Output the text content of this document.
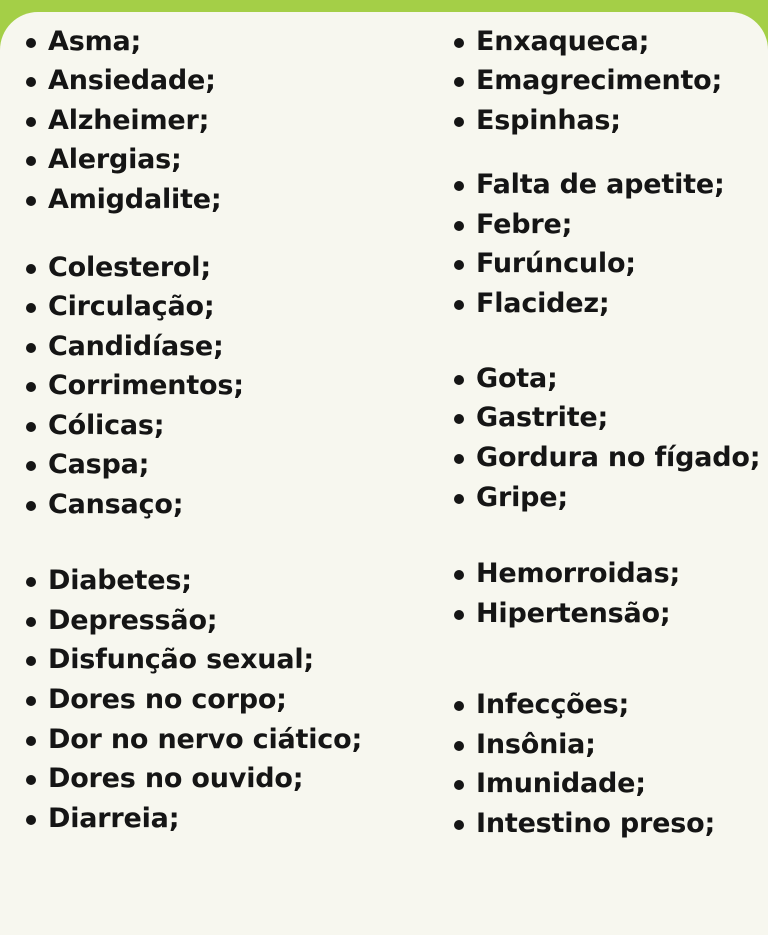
Asma;
Ansiedade;
Alzheimer;
Alergias;
Amigdalite;
Colesterol;
Circulação;
Candidíase;
Corrimentos;
Cólicas;
Caspa;
Cansaço;
Diabetes;
Depressão;
Disfunção sexual;
Dores no corpo;
Dor no nervo ciático;
Dores no ouvido;
Diarreia;
Enxaqueca;
Emagrecimento;
Espinhas;
Falta de apetite;
Febre;
Furúnculo;
Flacidez;
Gota;
Gastrite;
Gordura no fígado;
Gripe;
Hemorroidas;
Hipertensão;
Infecções;
Insônia;
Imunidade;
Intestino preso;
